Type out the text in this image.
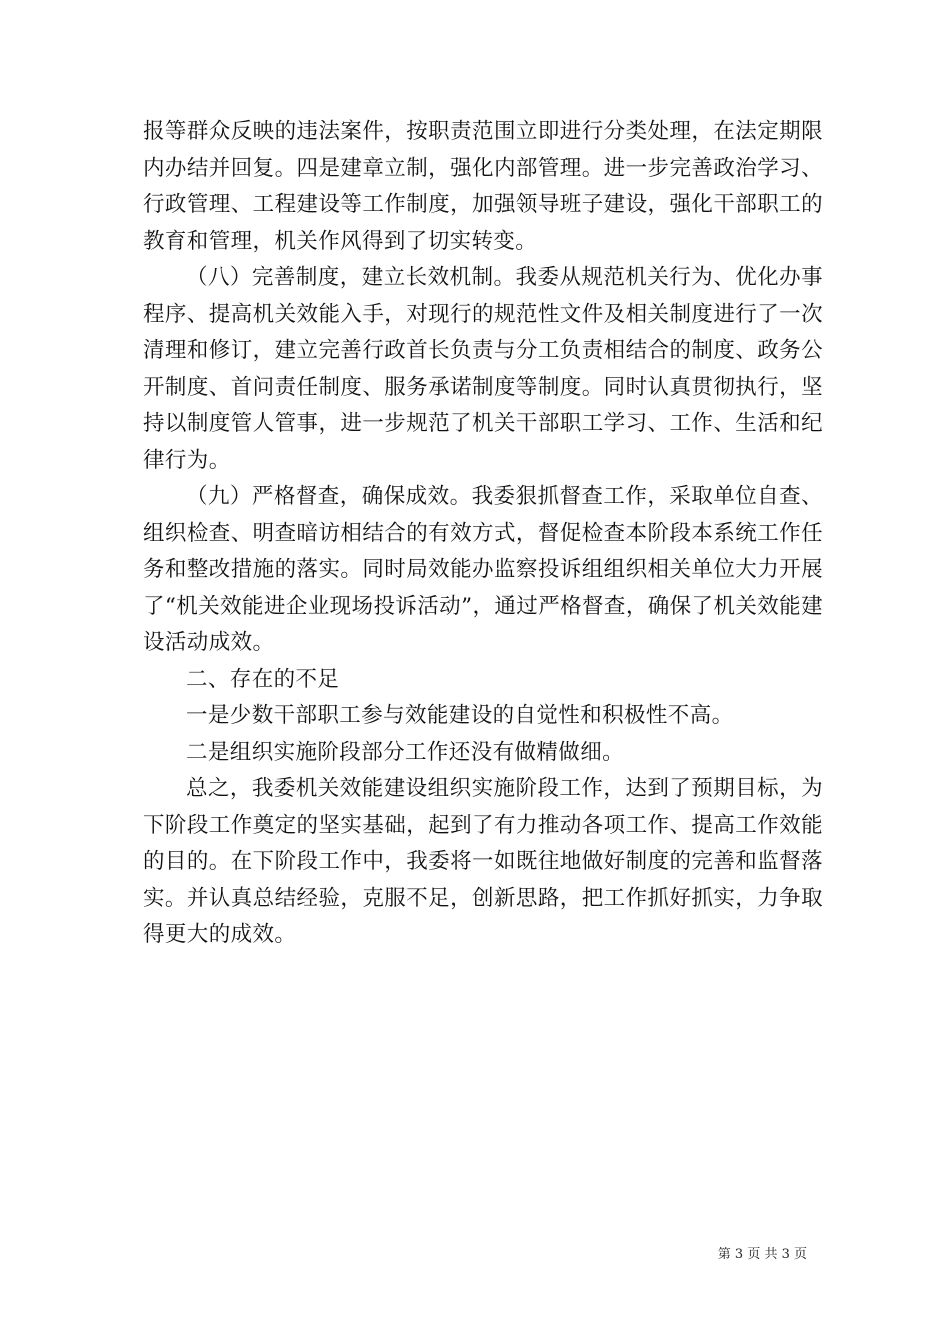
报等群众反映的违法案件，按职责范围立即进行分类处理，在法定期限内办结并回复。四是建章立制，强化内部管理。进一步完善政治学习、行政管理、工程建设等工作制度，加强领导班子建设，强化干部职工的教育和管理，机关作风得到了切实转变。

（八）完善制度，建立长效机制。我委从规范机关行为、优化办事程序、提高机关效能入手，对现行的规范性文件及相关制度进行了一次清理和修订，建立完善行政首长负责与分工负责相结合的制度、政务公开制度、首问责任制度、服务承诺制度等制度。同时认真贯彻执行，坚持以制度管人管事，进一步规范了机关干部职工学习、工作、生活和纪律行为。

（九）严格督查，确保成效。我委狠抓督查工作，采取单位自查、组织检查、明查暗访相结合的有效方式，督促检查本阶段本系统工作任务和整改措施的落实。同时局效能办监察投诉组组织相关单位大力开展了“机关效能进企业现场投诉活动”，通过严格督查，确保了机关效能建设活动成效。

二、存在的不足

一是少数干部职工参与效能建设的自觉性和积极性不高。

二是组织实施阶段部分工作还没有做精做细。

总之，我委机关效能建设组织实施阶段工作，达到了预期目标，为下阶段工作奠定的坚实基础，起到了有力推动各项工作、提高工作效能的目的。在下阶段工作中，我委将一如既往地做好制度的完善和监督落实。并认真总结经验，克服不足，创新思路，把工作抓好抓实，力争取得更大的成效。

第 3 页 共 3 页
